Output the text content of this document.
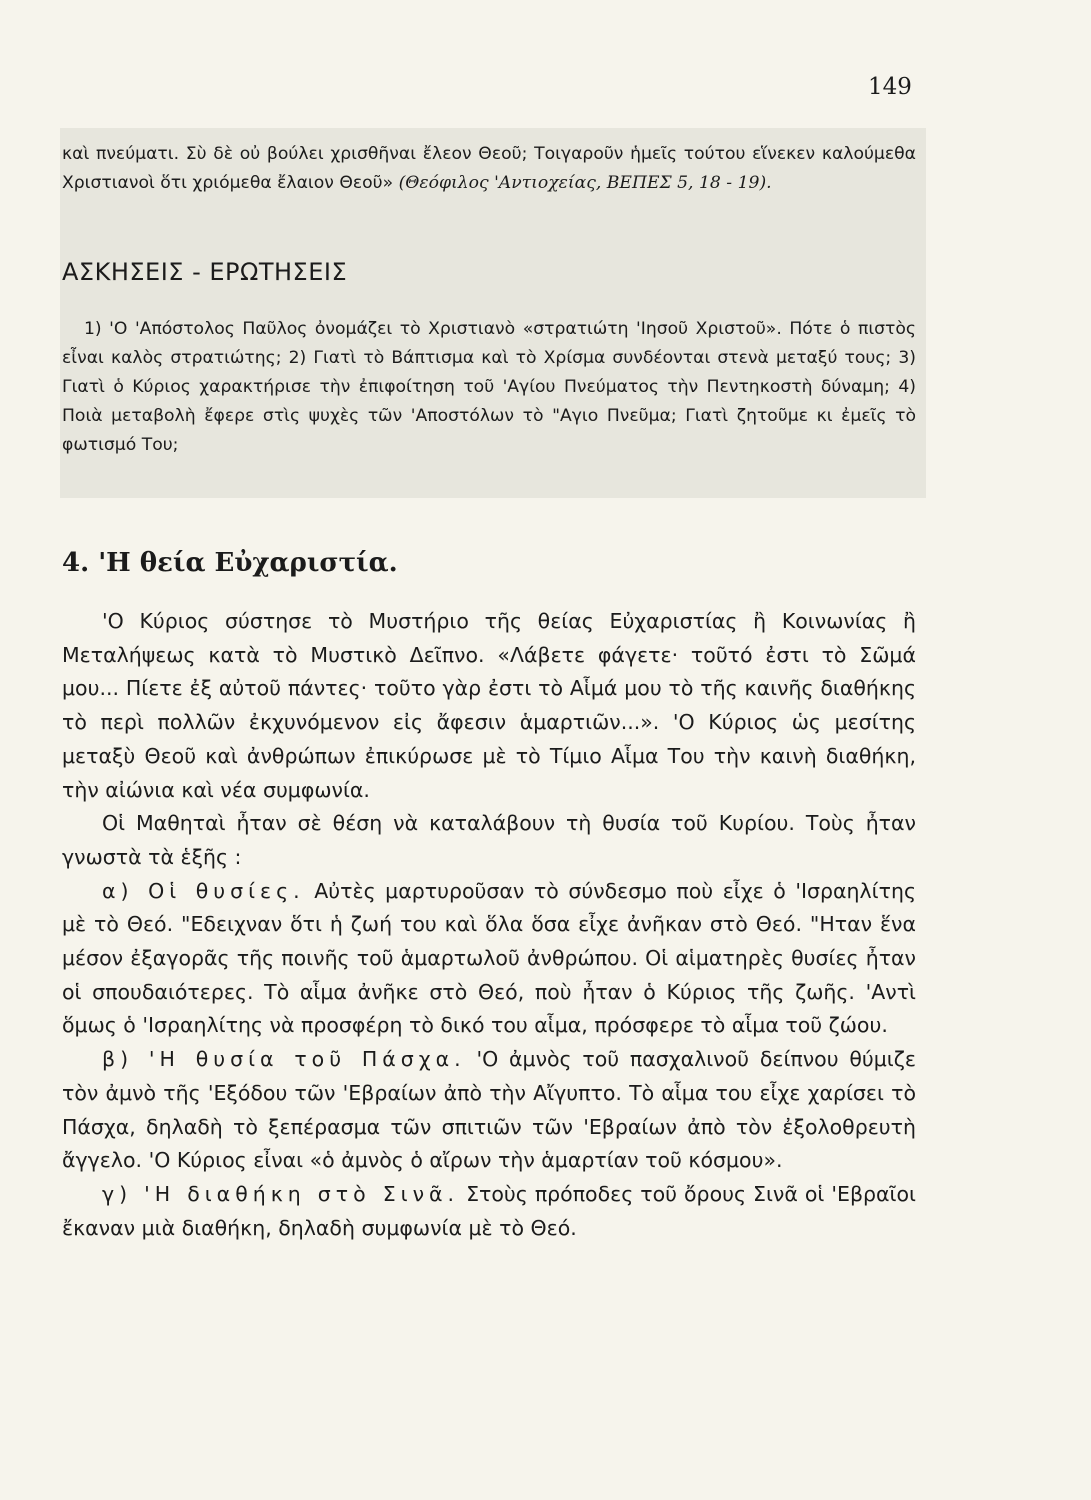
149

καὶ πνεύματι. Σὺ δὲ οὐ βούλει χρισθῆναι ἔλεον Θεοῦ; Τοιγαροῦν ἡμεῖς τούτου εἵνεκεν καλούμεθα Χριστιανοὶ ὅτι χριόμεθα ἔλαιον Θεοῦ» (Θεόφιλος 'Αντιοχείας, ΒΕΠΕΣ 5, 18 - 19).

ΑΣΚΗΣΕΙΣ - ΕΡΩΤΗΣΕΙΣ

1) 'Ο 'Απόστολος Παῦλος ὀνομάζει τὸ Χριστιανὸ «στρατιώτη 'Ιησοῦ Χριστοῦ». Πότε ὁ πιστὸς εἶναι καλὸς στρατιώτης; 2) Γιατὶ τὸ Βάπτισμα καὶ τὸ Χρίσμα συνδέονται στενὰ μεταξύ τους; 3) Γιατὶ ὁ Κύριος χαρακτήρισε τὴν ἐπιφοίτηση τοῦ 'Αγίου Πνεύματος τὴν Πεντηκοστὴ δύναμη; 4) Ποιὰ μεταβολὴ ἔφερε στὶς ψυχὲς τῶν 'Αποστόλων τὸ "Αγιο Πνεῦμα; Γιατὶ ζητοῦμε κι ἐμεῖς τὸ φωτισμό Του;

4. 'Η θεία Εὐχαριστία.

'Ο Κύριος σύστησε τὸ Μυστήριο τῆς θείας Εὐχαριστίας ἢ Κοινωνίας ἢ Μεταλήψεως κατὰ τὸ Μυστικὸ Δεῖπνο. «Λάβετε φάγετε· τοῦτό ἐστι τὸ Σῶμά μου... Πίετε ἐξ αὐτοῦ πάντες· τοῦτο γὰρ ἐστι τὸ Αἷμά μου τὸ τῆς καινῆς διαθήκης τὸ περὶ πολλῶν ἐκχυνόμενον εἰς ἄφεσιν ἁμαρτιῶν...». 'Ο Κύριος ὡς μεσίτης μεταξὺ Θεοῦ καὶ ἀνθρώπων ἐπικύρωσε μὲ τὸ Τίμιο Αἷμα Του τὴν καινὴ διαθήκη, τὴν αἰώνια καὶ νέα συμφωνία.

Οἱ Μαθηταὶ ἦταν σὲ θέση νὰ καταλάβουν τὴ θυσία τοῦ Κυρίου. Τοὺς ἦταν γνωστὰ τὰ ἑξῆς :

α) Οἱ θυσίες. Αὐτὲς μαρτυροῦσαν τὸ σύνδεσμο ποὺ εἶχε ὁ 'Ισραηλίτης μὲ τὸ Θεό. "Εδειχναν ὅτι ἡ ζωή του καὶ ὅλα ὅσα εἶχε ἀνῆκαν στὸ Θεό. "Ηταν ἕνα μέσον ἐξαγορᾶς τῆς ποινῆς τοῦ ἁμαρτωλοῦ ἀνθρώπου. Οἱ αἱματηρὲς θυσίες ἦταν οἱ σπουδαιότερες. Τὸ αἷμα ἀνῆκε στὸ Θεό, ποὺ ἦταν ὁ Κύριος τῆς ζωῆς. 'Αντὶ ὅμως ὁ 'Ισραηλίτης νὰ προσφέρη τὸ δικό του αἷμα, πρόσφερε τὸ αἷμα τοῦ ζώου.

β) 'Η θυσία τοῦ Πάσχα. 'Ο ἀμνὸς τοῦ πασχαλινοῦ δείπνου θύμιζε τὸν ἀμνὸ τῆς 'Εξόδου τῶν 'Εβραίων ἀπὸ τὴν Αἴγυπτο. Τὸ αἷμα του εἶχε χαρίσει τὸ Πάσχα, δηλαδὴ τὸ ξεπέρασμα τῶν σπιτιῶν τῶν 'Εβραίων ἀπὸ τὸν ἐξολοθρευτὴ ἄγγελο. 'Ο Κύριος εἶναι «ὁ ἀμνὸς ὁ αἴρων τὴν ἁμαρτίαν τοῦ κόσμου».

γ) 'Η διαθήκη στὸ Σινᾶ. Στοὺς πρόποδες τοῦ ὄρους Σινᾶ οἱ 'Εβραῖοι ἔκαναν μιὰ διαθήκη, δηλαδὴ συμφωνία μὲ τὸ Θεό.
